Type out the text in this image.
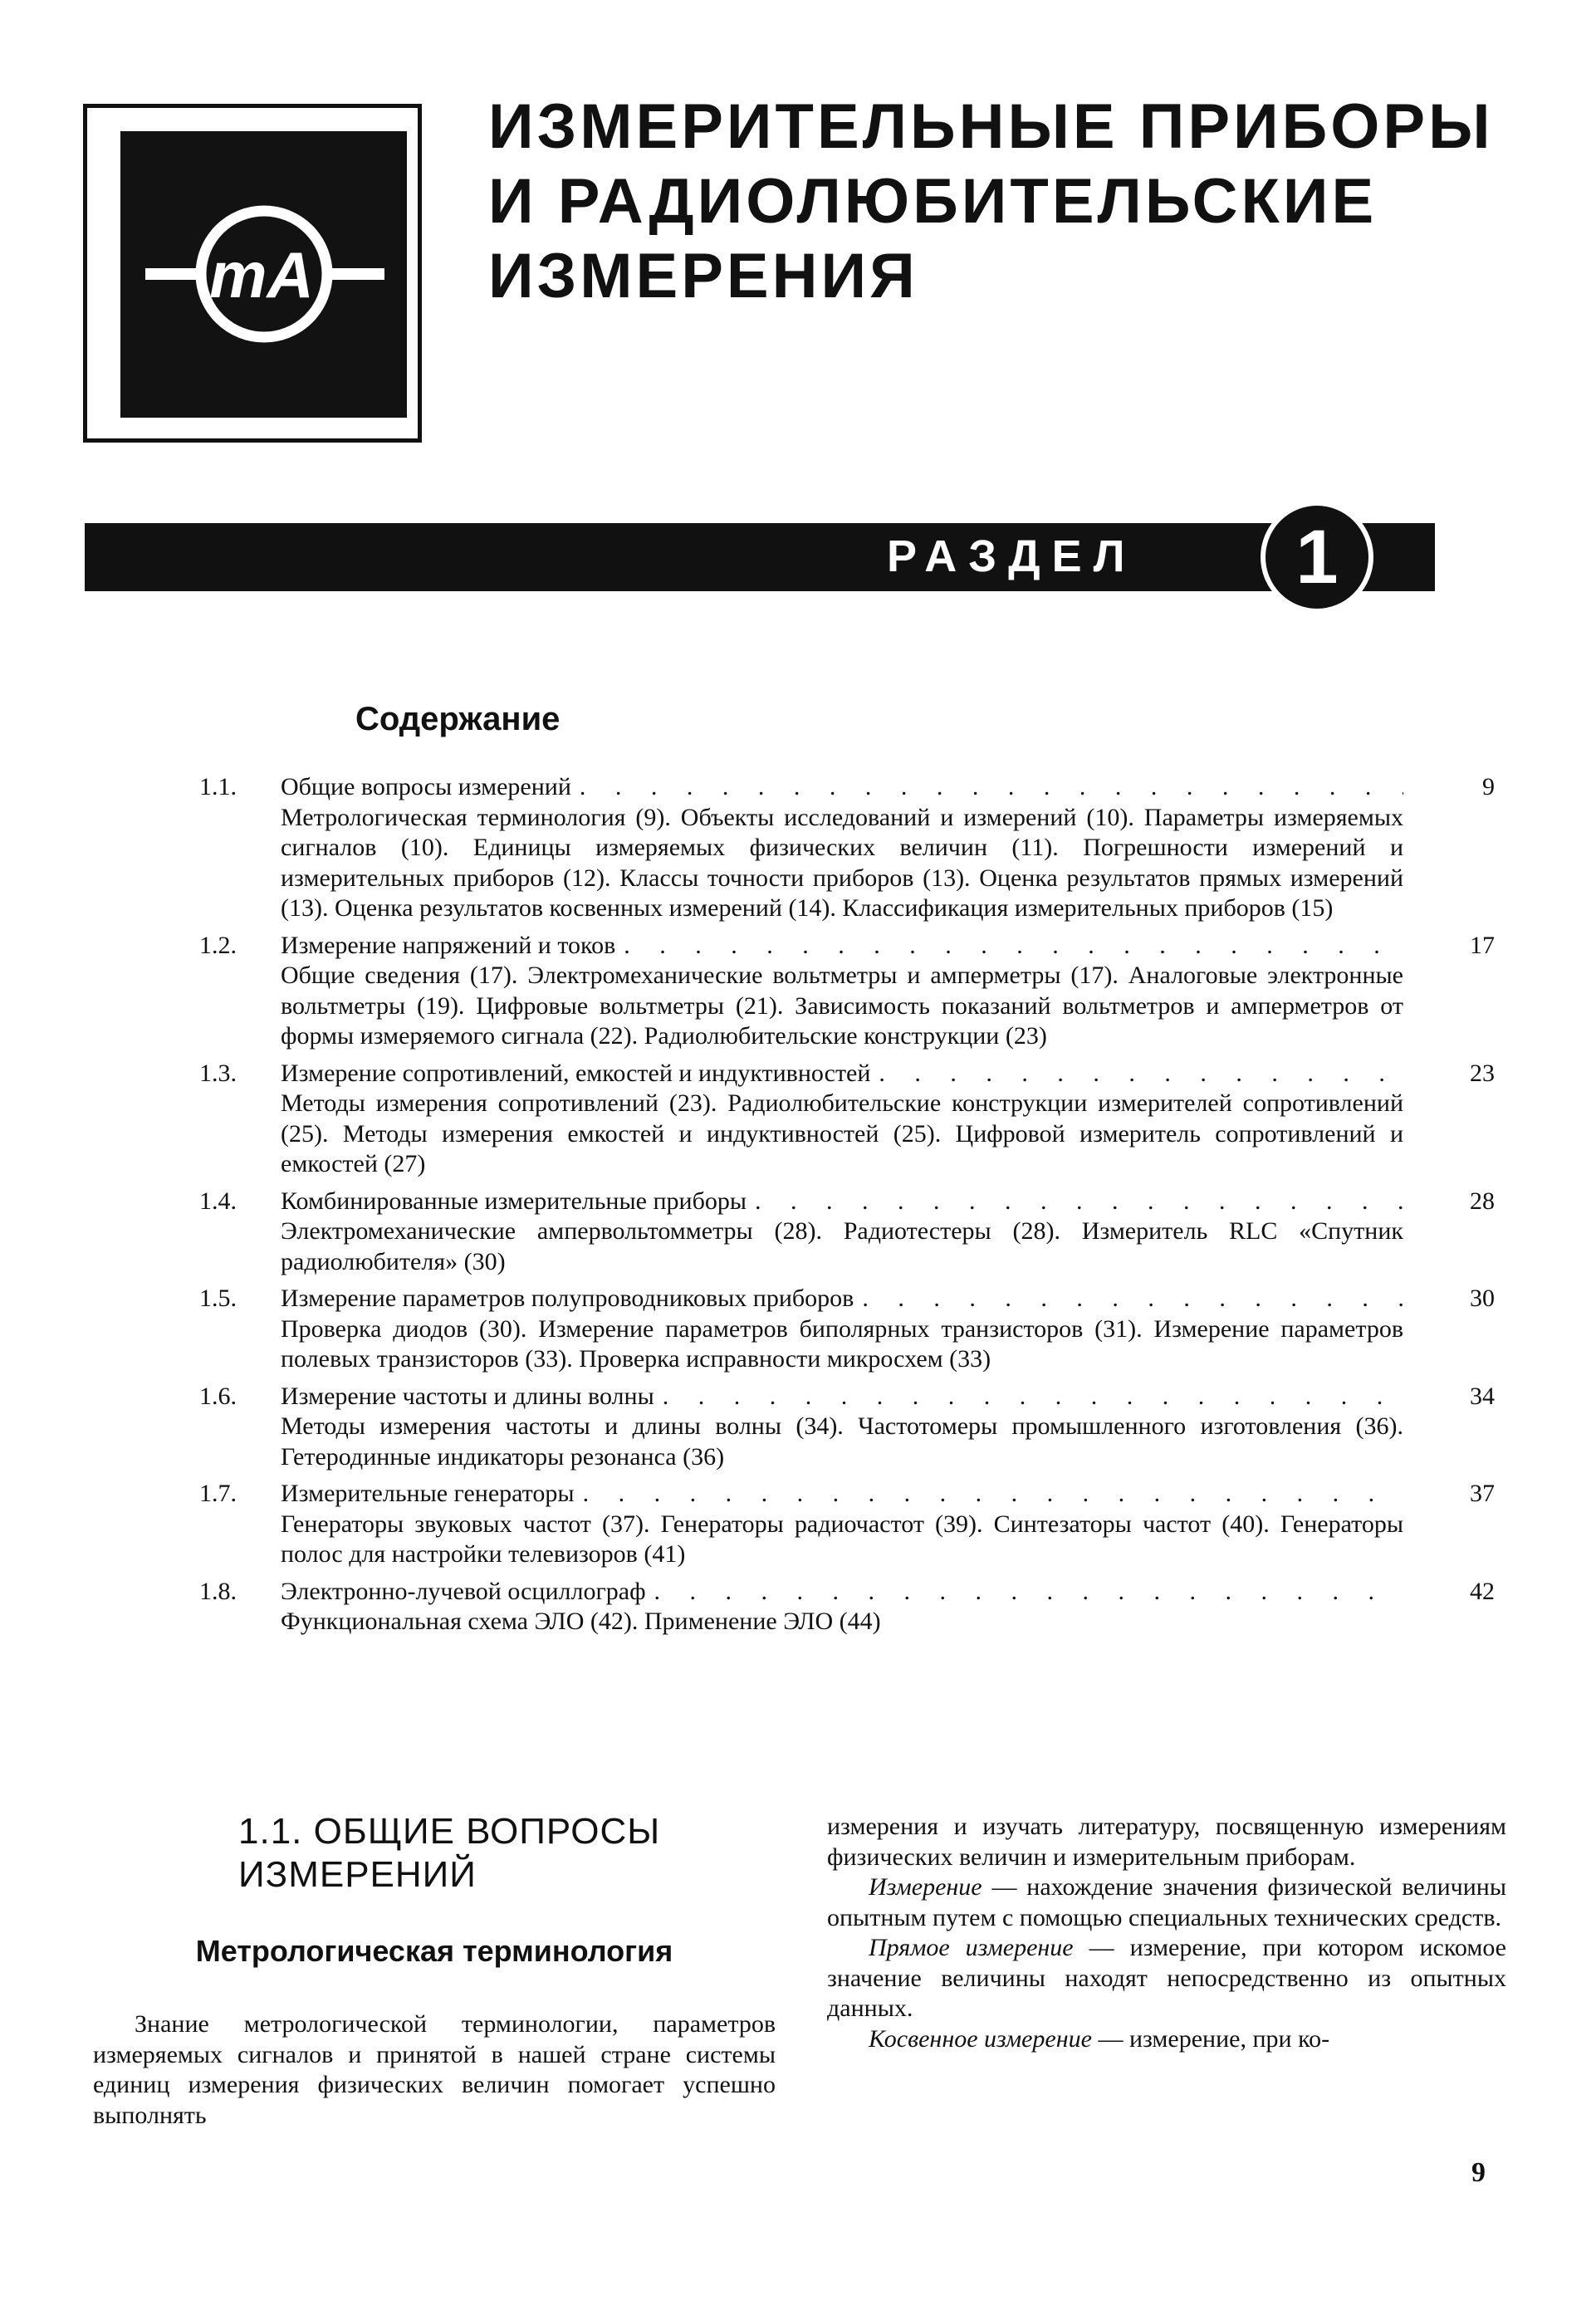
mA
ИЗМЕРИТЕЛЬНЫЕ ПРИБОРЫ
И РАДИОЛЮБИТЕЛЬСКИЕ
ИЗМЕРЕНИЯ
РАЗДЕЛ	1
Содержание
1.1.	Общие вопросы измерений . . .	9
Метрологическая терминология (9). Объекты исследований и измерений (10). Параметры измеряемых сигналов (10). Единицы измеряемых физических величин (11). Погрешности измерений и измерительных приборов (12). Классы точности приборов (13). Оценка результатов прямых измерений (13). Оценка результатов косвенных измерений (14). Классификация измерительных приборов (15)
1.2.	Измерение напряжений и токов . . .	17
Общие сведения (17). Электромеханические вольтметры и амперметры (17). Аналоговые электронные вольтметры (19). Цифровые вольтметры (21). Зависимость показаний вольтметров и амперметров от формы измеряемого сигнала (22). Радиолюбительские конструкции (23)
1.3.	Измерение сопротивлений, емкостей и индуктивностей . . .	23
Методы измерения сопротивлений (23). Радиолюбительские конструкции измерителей сопротивлений (25). Методы измерения емкостей и индуктивностей (25). Цифровой измеритель сопротивлений и емкостей (27)
1.4.	Комбинированные измерительные приборы . . .	28
Электромеханические ампервольтомметры (28). Радиотестеры (28). Измеритель RLC «Спутник радиолюбителя» (30)
1.5.	Измерение параметров полупроводниковых приборов . . .	30
Проверка диодов (30). Измерение параметров биполярных транзисторов (31). Измерение параметров полевых транзисторов (33). Проверка исправности микросхем (33)
1.6.	Измерение частоты и длины волны . . .	34
Методы измерения частоты и длины волны (34). Частотомеры промышленного изготовления (36). Гетеродинные индикаторы резонанса (36)
1.7.	Измерительные генераторы . . .	37
Генераторы звуковых частот (37). Генераторы радиочастот (39). Синтезаторы частот (40). Генераторы полос для настройки телевизоров (41)
1.8.	Электронно-лучевой осциллограф . . .	42
Функциональная схема ЭЛО (42). Применение ЭЛО (44)
1.1. ОБЩИЕ ВОПРОСЫ
ИЗМЕРЕНИЙ
Метрологическая терминология

Знание метрологической терминологии, параметров измеряемых сигналов и принятой в нашей стране системы единиц измерения физических величин помогает успешно выполнять

измерения и изучать литературу, посвященную измерениям физических величин и измерительным приборам.

Измерение — нахождение значения физической величины опытным путем с помощью специальных технических средств.

Прямое измерение — измерение, при котором искомое значение величины находят непосредственно из опытных данных.

Косвенное измерение — измерение, при ко-

9
